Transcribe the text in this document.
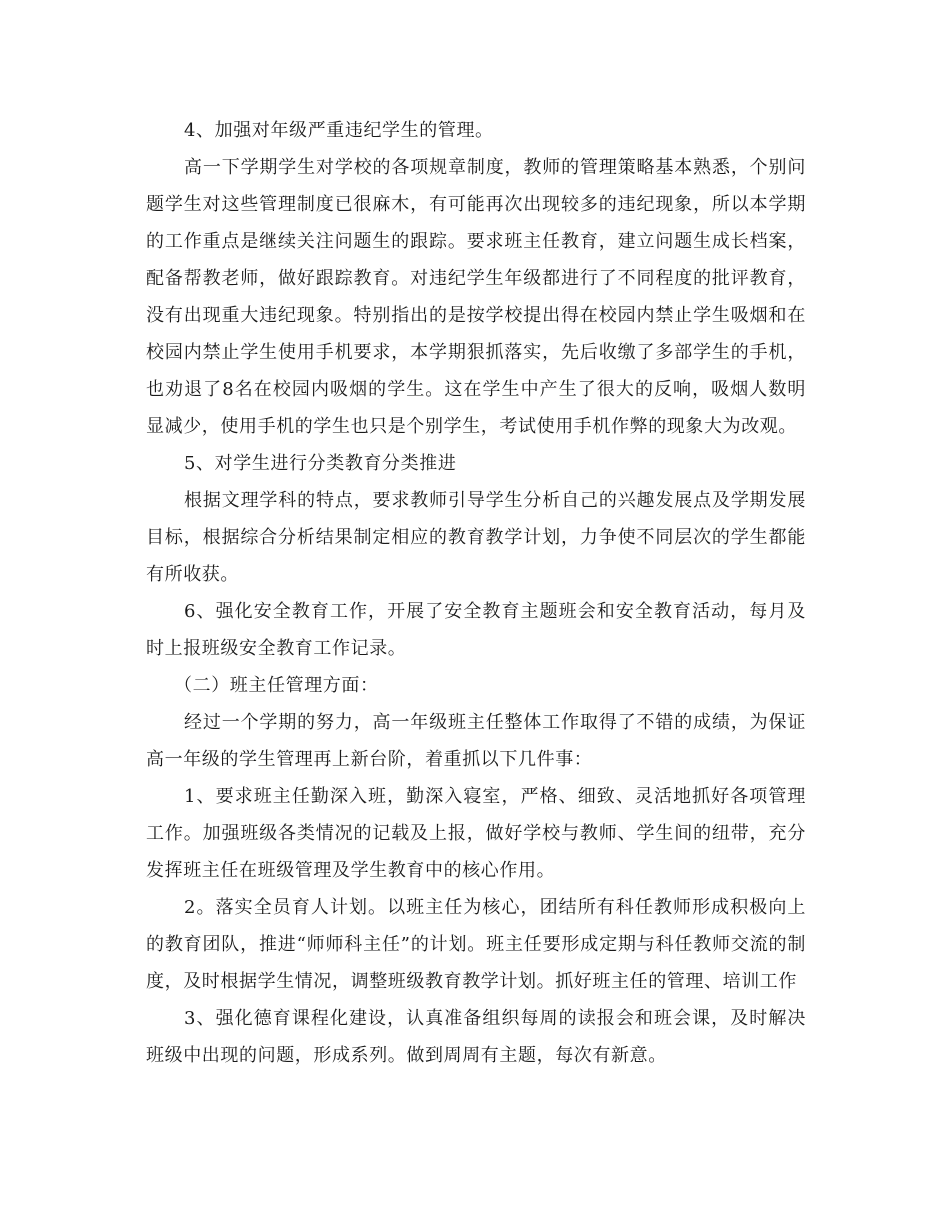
4、加强对年级严重违纪学生的管理。

高一下学期学生对学校的各项规章制度，教师的管理策略基本熟悉，个别问题学生对这些管理制度已很麻木，有可能再次出现较多的违纪现象，所以本学期的工作重点是继续关注问题生的跟踪。要求班主任教育，建立问题生成长档案，配备帮教老师，做好跟踪教育。对违纪学生年级都进行了不同程度的批评教育，没有出现重大违纪现象。特别指出的是按学校提出得在校园内禁止学生吸烟和在校园内禁止学生使用手机要求，本学期狠抓落实，先后收缴了多部学生的手机，也劝退了8名在校园内吸烟的学生。这在学生中产生了很大的反响，吸烟人数明显减少，使用手机的学生也只是个别学生，考试使用手机作弊的现象大为改观。

5、对学生进行分类教育分类推进

根据文理学科的特点，要求教师引导学生分析自己的兴趣发展点及学期发展目标，根据综合分析结果制定相应的教育教学计划，力争使不同层次的学生都能有所收获。

6、强化安全教育工作，开展了安全教育主题班会和安全教育活动，每月及时上报班级安全教育工作记录。

（二）班主任管理方面：

经过一个学期的努力，高一年级班主任整体工作取得了不错的成绩，为保证高一年级的学生管理再上新台阶，着重抓以下几件事：

1、要求班主任勤深入班，勤深入寝室，严格、细致、灵活地抓好各项管理工作。加强班级各类情况的记载及上报，做好学校与教师、学生间的纽带，充分发挥班主任在班级管理及学生教育中的核心作用。

2。落实全员育人计划。以班主任为核心，团结所有科任教师形成积极向上的教育团队，推进“师师科主任”的计划。班主任要形成定期与科任教师交流的制度，及时根据学生情况，调整班级教育教学计划。抓好班主任的管理、培训工作

3、强化德育课程化建设，认真准备组织每周的读报会和班会课，及时解决班级中出现的问题，形成系列。做到周周有主题，每次有新意。
